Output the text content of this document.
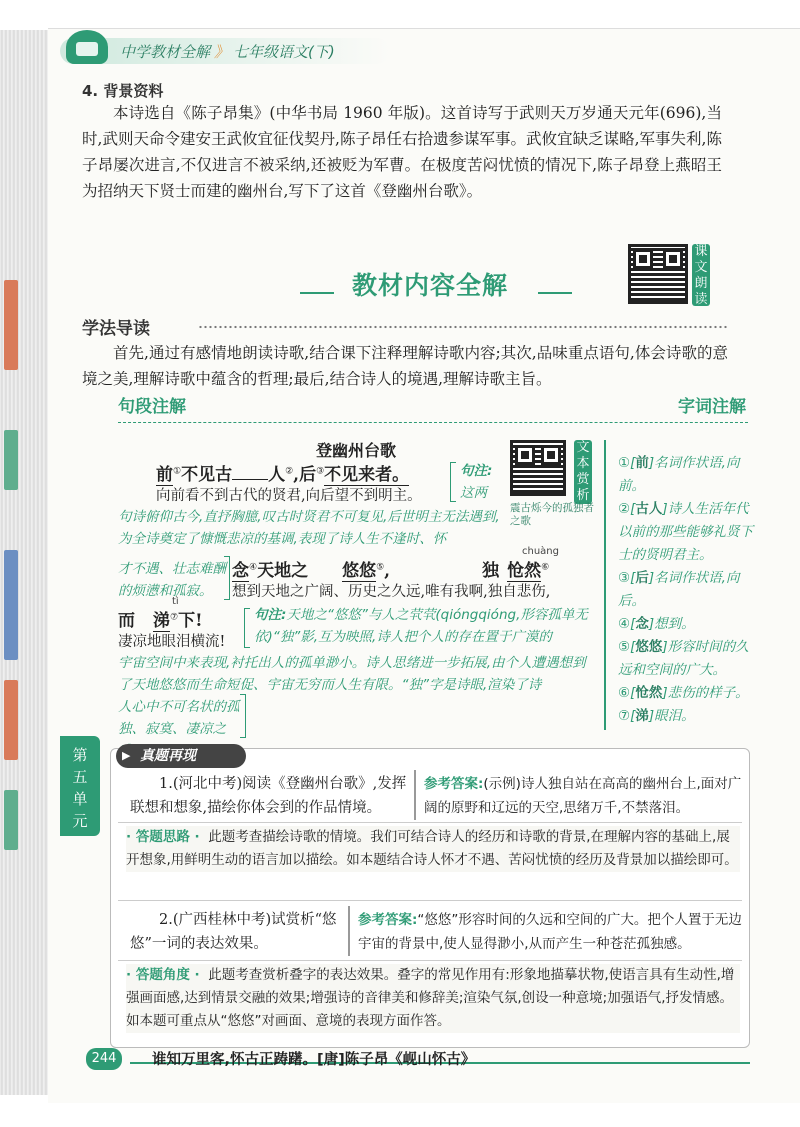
中学教材全解 》 七年级语文(下)
4. 背景资料
本诗选自《陈子昂集》(中华书局 1960 年版)。这首诗写于武则天万岁通天元年(696),当时,武则天命令建安王武攸宜征伐契丹,陈子昂任右拾遗参谋军事。武攸宜缺乏谋略,军事失利,陈子昂屡次进言,不仅进言不被采纳,还被贬为军曹。在极度苦闷忧愤的情况下,陈子昂登上燕昭王为招纳天下贤士而建的幽州台,写下了这首《登幽州台歌》。
教材内容全解
课文朗读
学法导读
首先,通过有感情地朗读诗歌,结合课下注释理解诗歌内容;其次,品味重点语句,体会诗歌的意境之美,理解诗歌中蕴含的哲理;最后,结合诗人的境遇,理解诗歌主旨。
句段注解	字词注解
登幽州台歌	文本赏析
震古烁今的孤独者之歌
前①不见古 人②,后③不见来者。
向前看不到古代的贤君,向后望不到明主。
句注:
这两
句诗俯仰古今,直抒胸臆,叹古时贤君不可复见,后世明主无法遇到,为全诗奠定了慷慨悲凉的基调,表现了诗人生不逢时、怀
才不遇、壮志难酬的烦懑和孤寂。
chuàng
念④天地之 悠悠⑤,	独 怆然⑥
想到天地之广阔、历史之久远,唯有我啊,独自悲伤,
tì
而 涕⑦下!
凄凉地眼泪横流!
句注:天地之“悠悠”与人之茕茕(qióngqióng,形容孤单无依)“独”影,互为映照,诗人把个人的存在置于广漠的
宇宙空间中来表现,衬托出人的孤单渺小。诗人思绪进一步拓展,由个人遭遇想到了天地悠悠而生命短促、宇宙无穷而人生有限。“独”字是诗眼,渲染了诗
人心中不可名状的孤独、寂寞、凄凉之
①[前]名词作状语,向前。
②[古人]诗人生活年代以前的那些能够礼贤下士的贤明君主。
③[后]名词作状语,向后。
④[念]想到。
⑤[悠悠]形容时间的久远和空间的广大。
⑥[怆然]悲伤的样子。
⑦[涕]眼泪。
第五单元
▶ 真题再现
1.(河北中考)阅读《登幽州台歌》,发挥联想和想象,描绘你体会到的作品情境。
参考答案:(示例)诗人独自站在高高的幽州台上,面对广阔的原野和辽远的天空,思绪万千,不禁落泪。
· 答题思路 · 此题考查描绘诗歌的情境。我们可结合诗人的经历和诗歌的背景,在理解内容的基础上,展开想象,用鲜明生动的语言加以描绘。如本题结合诗人怀才不遇、苦闷忧愤的经历及背景加以描绘即可。
2.(广西桂林中考)试赏析“悠悠”一词的表达效果。
参考答案:“悠悠”形容时间的久远和空间的广大。把个人置于无边宇宙的背景中,使人显得渺小,从而产生一种苍茫孤独感。
· 答题角度 · 此题考查赏析叠字的表达效果。叠字的常见作用有:形象地描摹状物,使语言具有生动性,增强画面感,达到情景交融的效果;增强诗的音律美和修辞美;渲染气氛,创设一种意境;加强语气,抒发情感。如本题可重点从“悠悠”对画面、意境的表现方面作答。
244	谁知万里客,怀古正踌躇。[唐]陈子昂《岘山怀古》
